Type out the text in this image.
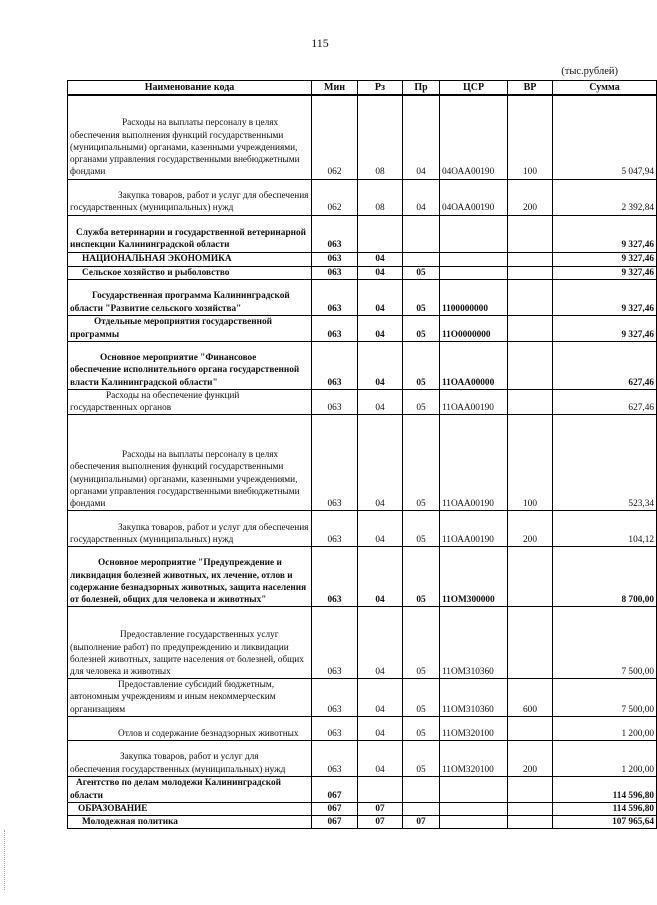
115
(тыс.рублей)
Наименование кода	Мин	Рз	Пр	ЦСР	ВР	Сумма
Расходы на выплаты персоналу в целях обеспечения выполнения функций государственными (муниципальными) органами, казенными учреждениями, органами управления государственными внебюджетными фондами	062	08	04	04ОАА00190	100	5 047,94
Закупка товаров, работ и услуг для обеспечения государственных (муниципальных) нужд	062	08	04	04ОАА00190	200	2 392,84
Служба ветеринарии и государственной ветеринарной инспекции Калининградской области	063					9 327,46
НАЦИОНАЛЬНАЯ ЭКОНОМИКА	063	04				9 327,46
Сельское хозяйство и рыболовство	063	04	05			9 327,46
Государственная программа Калининградской области "Развитие сельского хозяйства"	063	04	05	1100000000		9 327,46
Отдельные мероприятия государственной программы	063	04	05	11О0000000		9 327,46
Основное мероприятие "Финансовое обеспечение исполнительного органа государственной власти Калининградской области"	063	04	05	11ОАА00000		627,46
Расходы на обеспечение функций государственных органов	063	04	05	11ОАА00190		627,46
Расходы на выплаты персоналу в целях обеспечения выполнения функций государственными (муниципальными) органами, казенными учреждениями, органами управления государственными внебюджетными фондами	063	04	05	11ОАА00190	100	523,34
Закупка товаров, работ и услуг для обеспечения государственных (муниципальных) нужд	063	04	05	11ОАА00190	200	104,12
Основное мероприятие "Предупреждение и ликвидация болезней животных, их лечение, отлов и содержание безнадзорных животных, защита населения от болезней, общих для человека и животных"	063	04	05	11ОМ300000		8 700,00
Предоставление государственных услуг (выполнение работ) по предупреждению и ликвидации болезней животных, защите населения от болезней, общих для человека и животных	063	04	05	11ОМ310360		7 500,00
Предоставление субсидий бюджетным, автономным учреждениям и иным некоммерческим организациям	063	04	05	11ОМ310360	600	7 500,00
Отлов и содержание безнадзорных животных	063	04	05	11ОМ320100		1 200,00
Закупка товаров, работ и услуг для обеспечения государственных (муниципальных) нужд	063	04	05	11ОМ320100	200	1 200,00
Агентство по делам молодежи Калининградской области	067					114 596,80
ОБРАЗОВАНИЕ	067	07				114 596,80
Молодежная политика	067	07	07			107 965,64
